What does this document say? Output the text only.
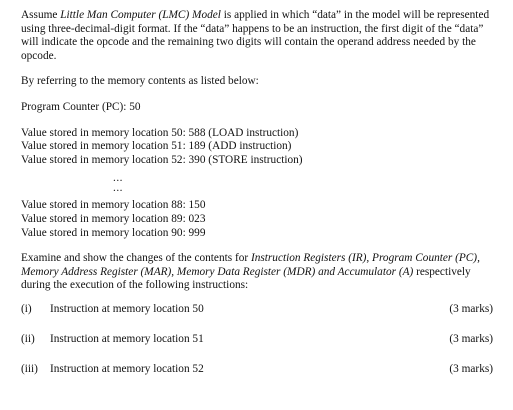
Assume Little Man Computer (LMC) Model is applied in which “data” in the model will be represented using three-decimal-digit format. If the “data” happens to be an instruction, the first digit of the “data” will indicate the opcode and the remaining two digits will contain the operand address needed by the opcode.

By referring to the memory contents as listed below:

Program Counter (PC): 50

Value stored in memory location 50: 588 (LOAD instruction)

Value stored in memory location 51: 189 (ADD instruction)

Value stored in memory location 52: 390 (STORE instruction)

...

...

Value stored in memory location 88: 150

Value stored in memory location 89: 023

Value stored in memory location 90: 999

Examine and show the changes of the contents for Instruction Registers (IR), Program Counter (PC), Memory Address Register (MAR), Memory Data Register (MDR) and Accumulator (A) respectively during the execution of the following instructions:

(i)	Instruction at memory location 50	(3 marks)
(ii)	Instruction at memory location 51	(3 marks)
(iii)	Instruction at memory location 52	(3 marks)
